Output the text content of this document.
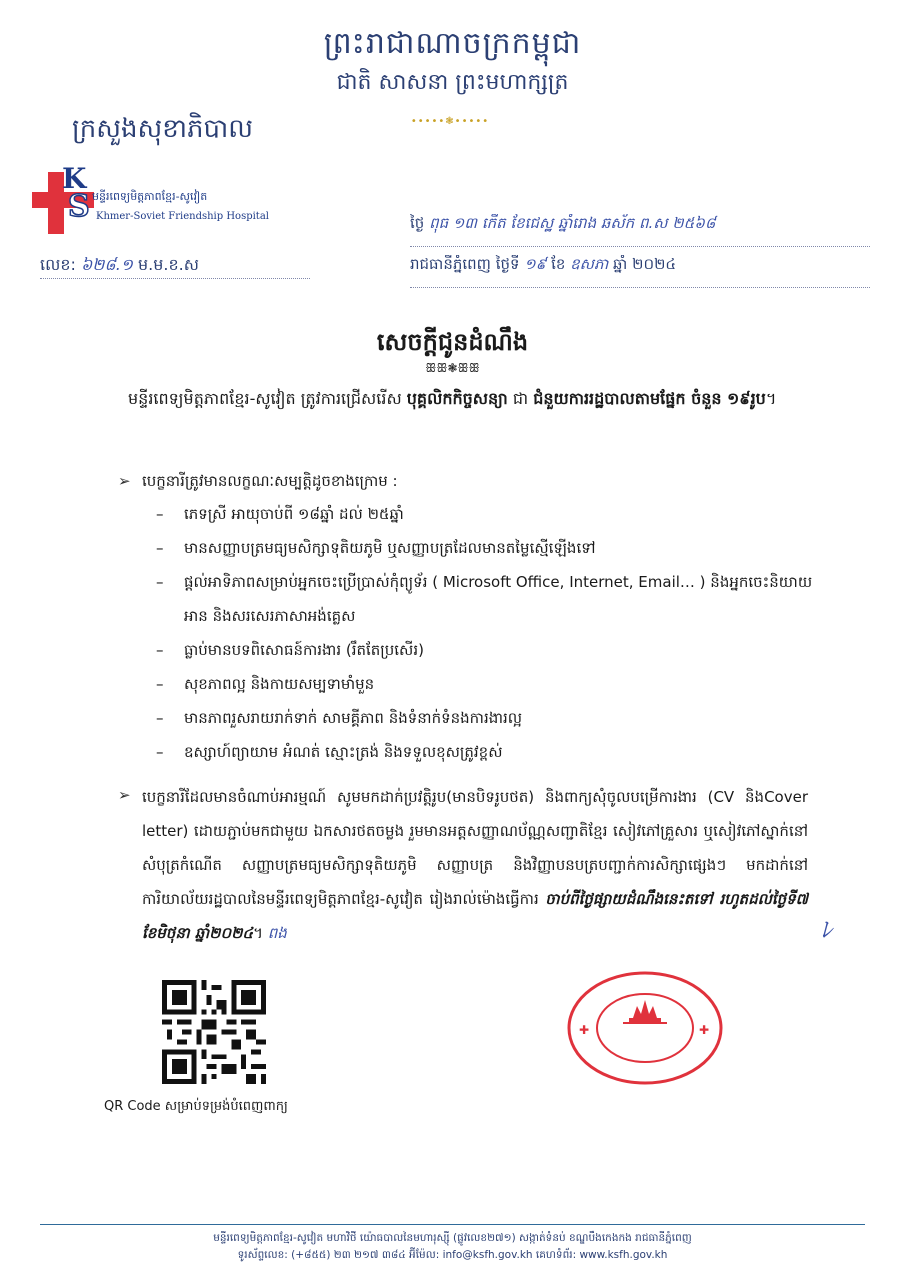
ព្រះរាជាណាចក្រកម្ពុជា
ជាតិ សាសនា ព្រះមហាក្សត្រ
•••••❃•••••
ក្រសួងសុខាភិបាល
K
S មន្ទីរពេទ្យមិត្តភាពខ្មែរ-សូវៀត
Khmer-Soviet Friendship Hospital	ថ្ងៃ ពុធ ១៣ កើត ខែជេស្ឋ ឆ្នាំរោង ឆស័ក ព.ស ២៥៦៨
រាជធានីភ្នំពេញ ថ្ងៃទី ១៩ ខែ ឧសភា ឆ្នាំ ២០២៤
លេខ: ៦២៨.១ ម.ម.ខ.ស
សេចក្តីជូនដំណឹង
ꕥꕥ❃ꕥꕥ
មន្ទីរពេទ្យមិត្តភាពខ្មែរ-សូវៀត ត្រូវការជ្រើសរើស បុគ្គលិកកិច្ចសន្យា ជា ជំនួយការរដ្ឋបាលតាមផ្នែក ចំនួន ១៩រូប។
➢ បេក្ខនារីត្រូវមានលក្ខណៈសម្បត្តិដូចខាងក្រោម :
– ភេទស្រី អាយុចាប់ពី ១៨ឆ្នាំ ដល់ ២៥ឆ្នាំ
– មានសញ្ញាបត្រមធ្យមសិក្សាទុតិយភូមិ ឬសញ្ញាបត្រដែលមានតម្លៃស្មើឡើងទៅ
– ផ្តល់អាទិភាពសម្រាប់អ្នកចេះប្រើប្រាស់កុំព្យូទ័រ ( Microsoft Office, Internet, Email… ) និងអ្នកចេះនិយាយ អាន និងសរសេរភាសាអង់គ្លេស
– ធ្លាប់មានបទពិសោធន៍ការងារ (រឹតតែប្រសើរ)
– សុខភាពល្អ និងកាយសម្បទាមាំមួន
– មានភាពរួសរាយរាក់ទាក់ សាមគ្គីភាព និងទំនាក់ទំនងការងារល្អ
– ឧស្សាហ៍ព្យាយាម អំណត់ ស្មោះត្រង់ និងទទួលខុសត្រូវខ្ពស់
➢ បេក្ខនារីដែលមានចំណាប់អារម្មណ៍ សូមមកដាក់ប្រវត្តិរូប(មានបិទរូបថត) និងពាក្យសុំចូលបម្រើការងារ (CV និងCover letter) ដោយភ្ជាប់មកជាមួយ ឯកសារថតចម្លង រួមមានអត្តសញ្ញាណប័ណ្ណសញ្ជាតិខ្មែរ សៀវភៅគ្រួសារ ឬសៀវភៅស្នាក់នៅ សំបុត្រកំណើត សញ្ញាបត្រមធ្យមសិក្សាទុតិយភូមិ សញ្ញាបត្រ និងវិញ្ញាបនបត្របញ្ជាក់ការសិក្សាផ្សេងៗ មកដាក់នៅការិយាល័យរដ្ឋបាលនៃមន្ទីរពេទ្យមិត្តភាពខ្មែរ-សូវៀត រៀងរាល់ម៉ោងធ្វើការ ចាប់ពីថ្ងៃផ្សាយដំណឹងនេះតទៅ រហូតដល់ថ្ងៃទី៧ ខែមិថុនា ឆ្នាំ២០២៤។ ពង	ﾚ
QR Code សម្រាប់ទម្រង់បំពេញពាក្យ
✚	✚
មន្ទីរពេទ្យមិត្តភាពខ្មែរ-សូវៀត មហាវិថី យ៉ោធបាលនៃមហារុស្ស៊ី (ផ្លូវលេខ២៧១) សង្កាត់ទំនប់ ខណ្ឌបឹងកេងកង រាជធានីភ្នំពេញ
ទូរស័ព្ទលេខ: (+៨៥៥) ២៣ ២១៧ ៣៨៤ អ៊ីម៉ែល: info@ksfh.gov.kh គេហទំព័រ: www.ksfh.gov.kh
